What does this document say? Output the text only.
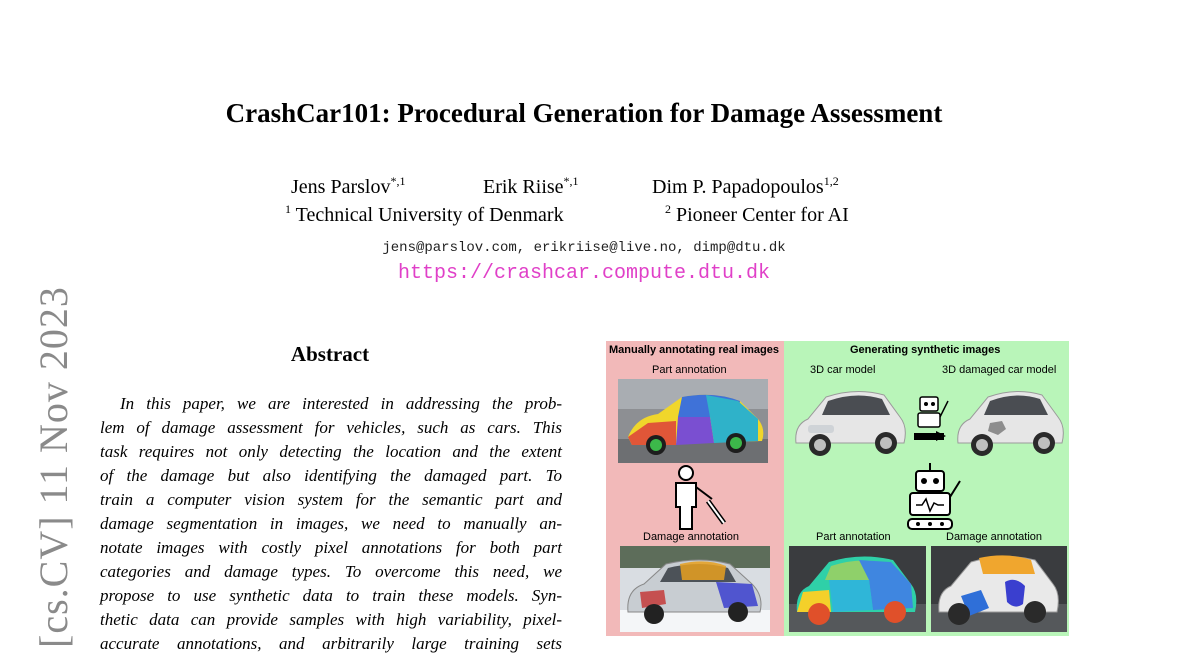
CrashCar101: Procedural Generation for Damage Assessment
Jens Parslov$^{*,1}$	Erik Riise$^{*,1}$	Dim P. Papadopoulos$^{1,2}$
$^1$ Technical University of Denmark	$^2$ Pioneer Center for AI
jens@parslov.com, erikriise@live.no, dimp@dtu.dk
https://crashcar.compute.dtu.dk
[cs.CV] 11 Nov 2023	Abstract
In this paper, we are interested in addressing the prob-
lem of damage assessment for vehicles, such as cars. This
task requires not only detecting the location and the extent
of the damage but also identifying the damaged part. To
train a computer vision system for the semantic part and
damage segmentation in images, we need to manually an-
notate images with costly pixel annotations for both part
categories and damage types. To overcome this need, we
propose to use synthetic data to train these models. Syn-
thetic data can provide samples with high variability, pixel-
accurate annotations, and arbitrarily large training sets
Manually annotating real images	Generating synthetic images
Part annotation	3D car model	3D damaged car model
Damage annotation	Part annotation	Damage annotation
